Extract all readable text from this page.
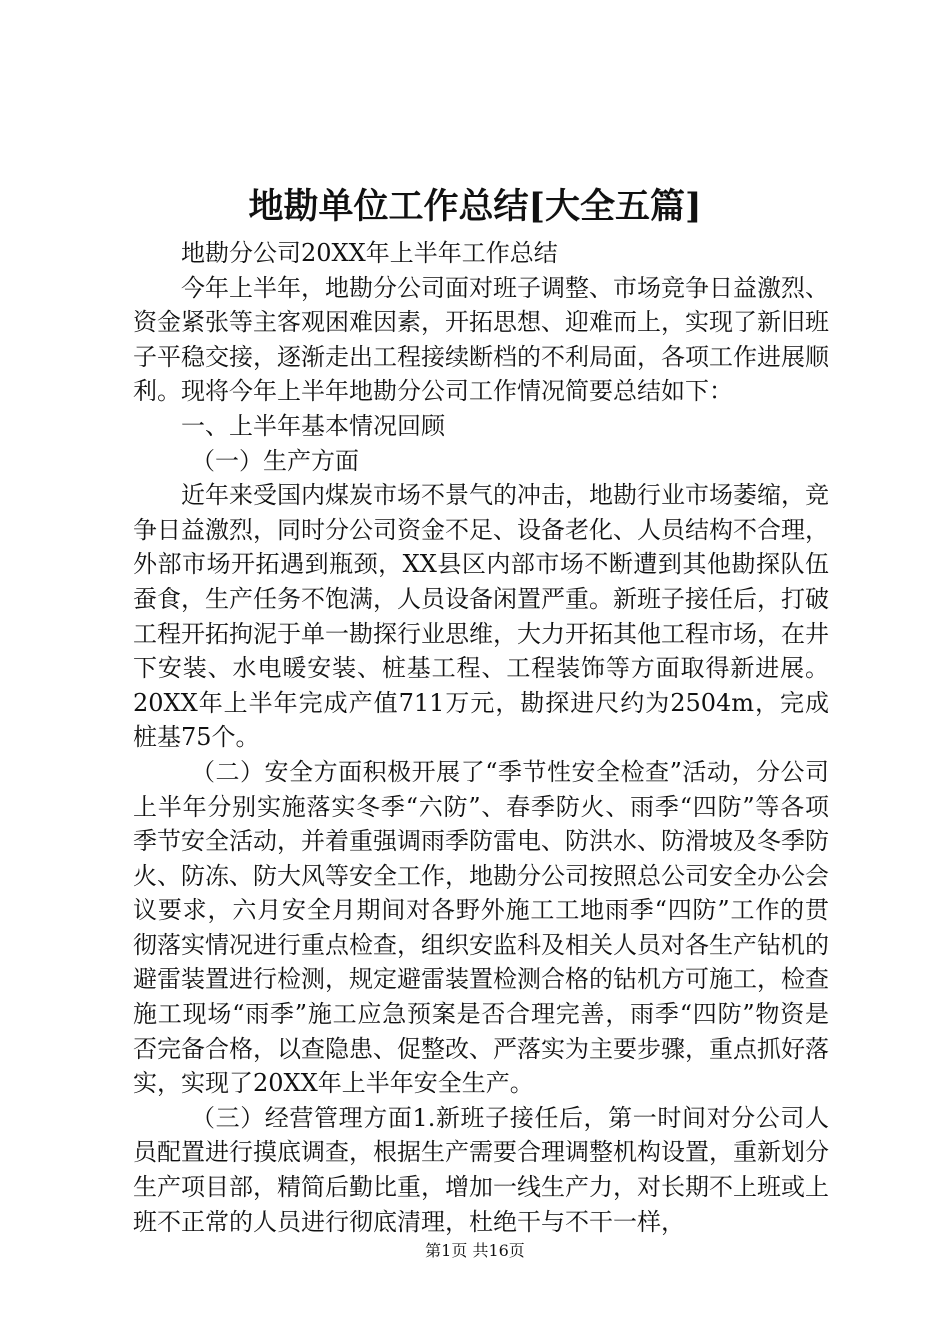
地勘单位工作总结[大全五篇]

地勘分公司20XX年上半年工作总结

今年上半年，地勘分公司面对班子调整、市场竞争日益激烈、资金紧张等主客观困难因素，开拓思想、迎难而上，实现了新旧班子平稳交接，逐渐走出工程接续断档的不利局面，各项工作进展顺利。现将今年上半年地勘分公司工作情况简要总结如下：

一、上半年基本情况回顾

（一）生产方面

近年来受国内煤炭市场不景气的冲击，地勘行业市场萎缩，竞争日益激烈，同时分公司资金不足、设备老化、人员结构不合理，外部市场开拓遇到瓶颈，XX县区内部市场不断遭到其他勘探队伍蚕食，生产任务不饱满，人员设备闲置严重。新班子接任后，打破工程开拓拘泥于单一勘探行业思维，大力开拓其他工程市场，在井下安装、水电暖安装、桩基工程、工程装饰等方面取得新进展。20XX年上半年完成产值711万元，勘探进尺约为2504m，完成桩基75个。

（二）安全方面积极开展了“季节性安全检查”活动，分公司上半年分别实施落实冬季“六防”、春季防火、雨季“四防”等各项季节安全活动，并着重强调雨季防雷电、防洪水、防滑坡及冬季防火、防冻、防大风等安全工作，地勘分公司按照总公司安全办公会议要求，六月安全月期间对各野外施工工地雨季“四防”工作的贯彻落实情况进行重点检查，组织安监科及相关人员对各生产钻机的避雷装置进行检测，规定避雷装置检测合格的钻机方可施工，检查施工现场“雨季”施工应急预案是否合理完善，雨季“四防”物资是否完备合格，以查隐患、促整改、严落实为主要步骤，重点抓好落实，实现了20XX年上半年安全生产。

（三）经营管理方面1.新班子接任后，第一时间对分公司人员配置进行摸底调查，根据生产需要合理调整机构设置，重新划分生产项目部，精简后勤比重，增加一线生产力，对长期不上班或上班不正常的人员进行彻底清理，杜绝干与不干一样，

第1页 共16页
